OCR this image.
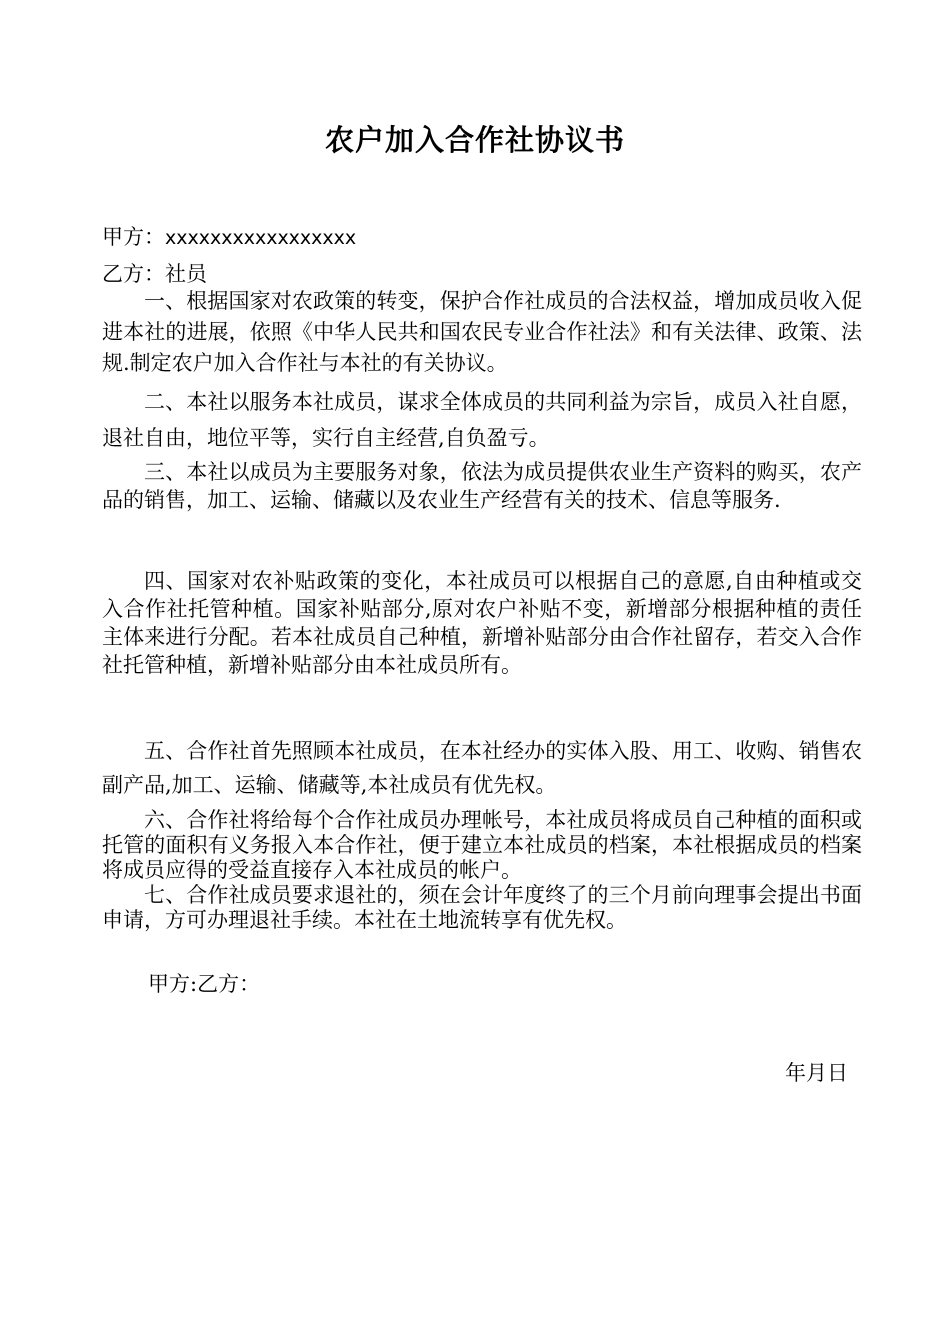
农户加入合作社协议书
甲方：xxxxxxxxxxxxxxxxx
乙方：社员

一、根据国家对农政策的转变，保护合作社成员的合法权益，增加成员收入促进本社的进展，依照《中华人民共和国农民专业合作社法》和有关法律、政策、法规.制定农户加入合作社与本社的有关协议。

二、本社以服务本社成员，谋求全体成员的共同利益为宗旨，成员入社自愿，退社自由，地位平等，实行自主经营,自负盈亏。

三、本社以成员为主要服务对象，依法为成员提供农业生产资料的购买，农产品的销售，加工、运输、储藏以及农业生产经营有关的技术、信息等服务.

四、国家对农补贴政策的变化，本社成员可以根据自己的意愿,自由种植或交入合作社托管种植。国家补贴部分,原对农户补贴不变，新增部分根据种植的责任主体来进行分配。若本社成员自己种植，新增补贴部分由合作社留存，若交入合作社托管种植，新增补贴部分由本社成员所有。

五、合作社首先照顾本社成员，在本社经办的实体入股、用工、收购、销售农副产品,加工、运输、储藏等,本社成员有优先权。

六、合作社将给每个合作社成员办理帐号，本社成员将成员自己种植的面积或托管的面积有义务报入本合作社，便于建立本社成员的档案，本社根据成员的档案将成员应得的受益直接存入本社成员的帐户。

七、合作社成员要求退社的，须在会计年度终了的三个月前向理事会提出书面申请，方可办理退社手续。本社在土地流转享有优先权。

甲方:乙方：
年月日
